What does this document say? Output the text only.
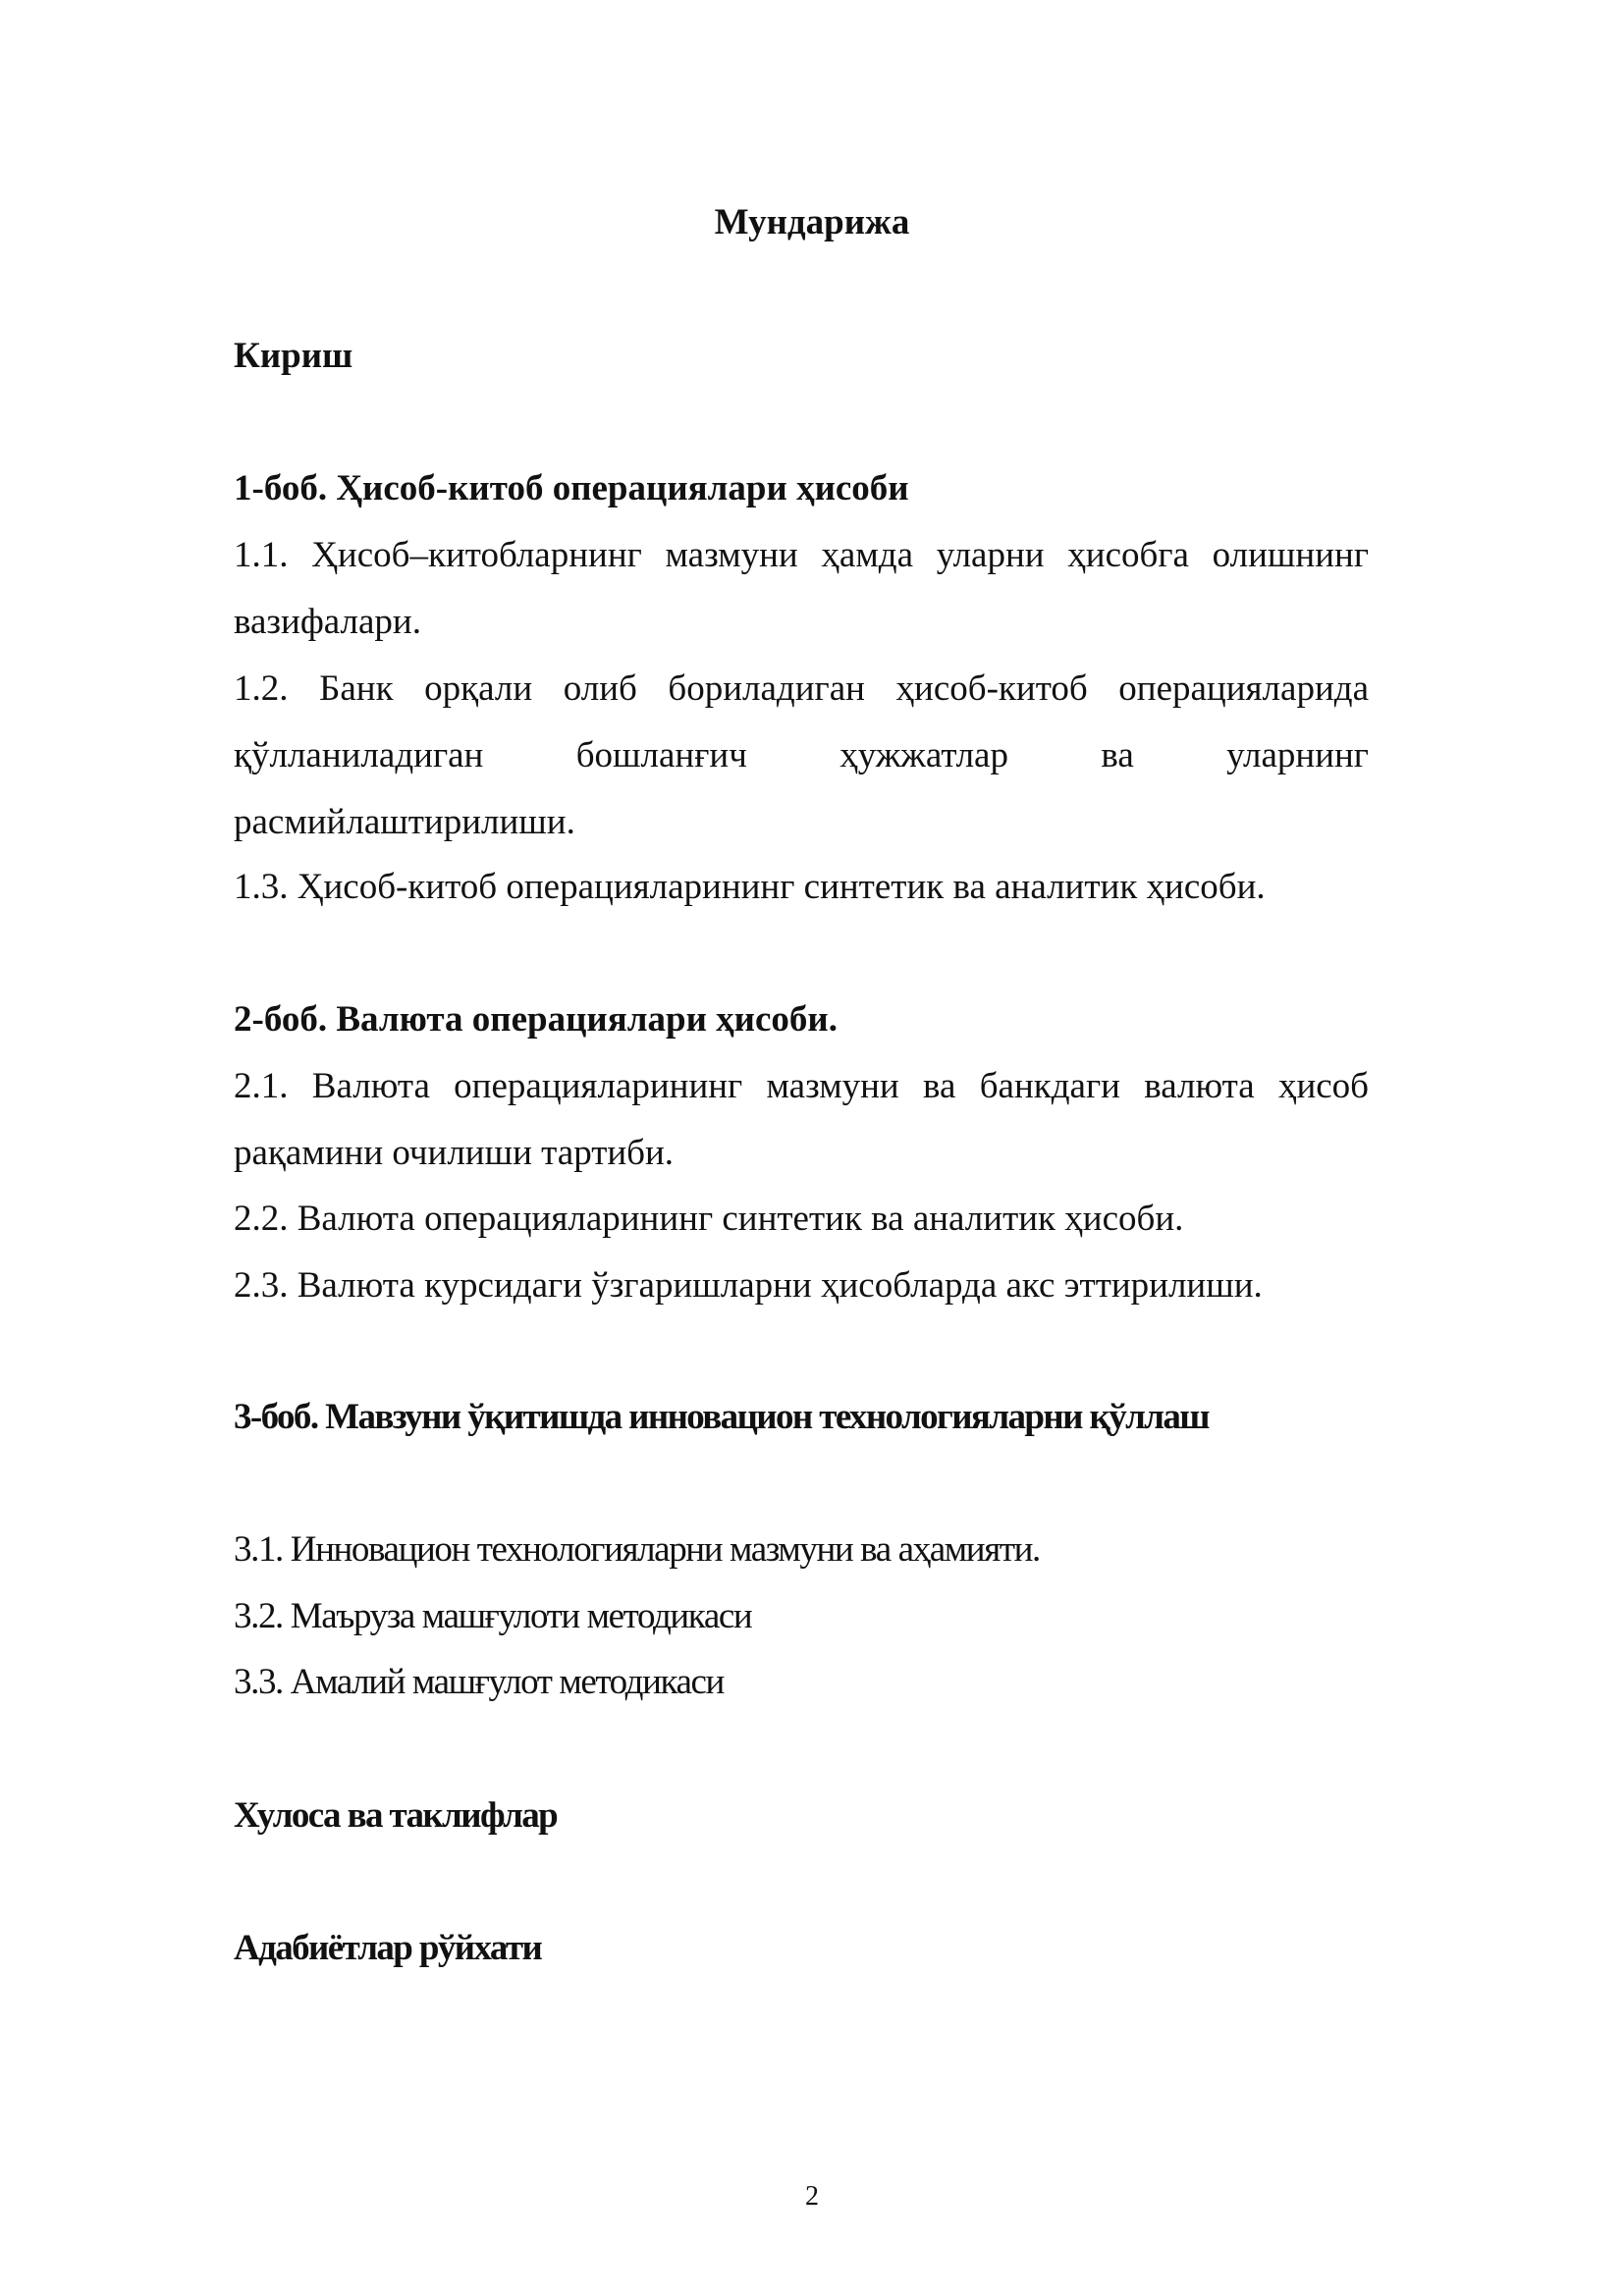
Мундарижа

Кириш

1-боб. Ҳисоб-китоб операциялари ҳисоби

1.1. Ҳисоб–китобларнинг мазмуни ҳамда уларни ҳисобга олишнинг
вазифалари.
1.2. Банк орқали олиб бориладиган ҳисоб-китоб операцияларида
қўлланиладиган бошланғич ҳужжатлар ва уларнинг
расмийлаштирилиши.
1.3. Ҳисоб-китоб операцияларининг синтетик ва аналитик ҳисоби.

2-боб. Валюта операциялари ҳисоби.

2.1. Валюта операцияларининг мазмуни ва банкдаги валюта ҳисоб
рақамини очилиши тартиби.
2.2. Валюта операцияларининг синтетик ва аналитик ҳисоби.
2.3. Валюта курсидаги ўзгаришларни ҳисобларда акс эттирилиши.

3-боб. Мавзуни ўқитишда инновацион технологияларни қўллаш

3.1. Инновацион технологияларни мазмуни ва аҳамияти.
3.2. Маъруза машғулоти методикаси
3.3. Амалий машғулот методикаси

Хулоса ва таклифлар

Адабиётлар рўйхати

2
